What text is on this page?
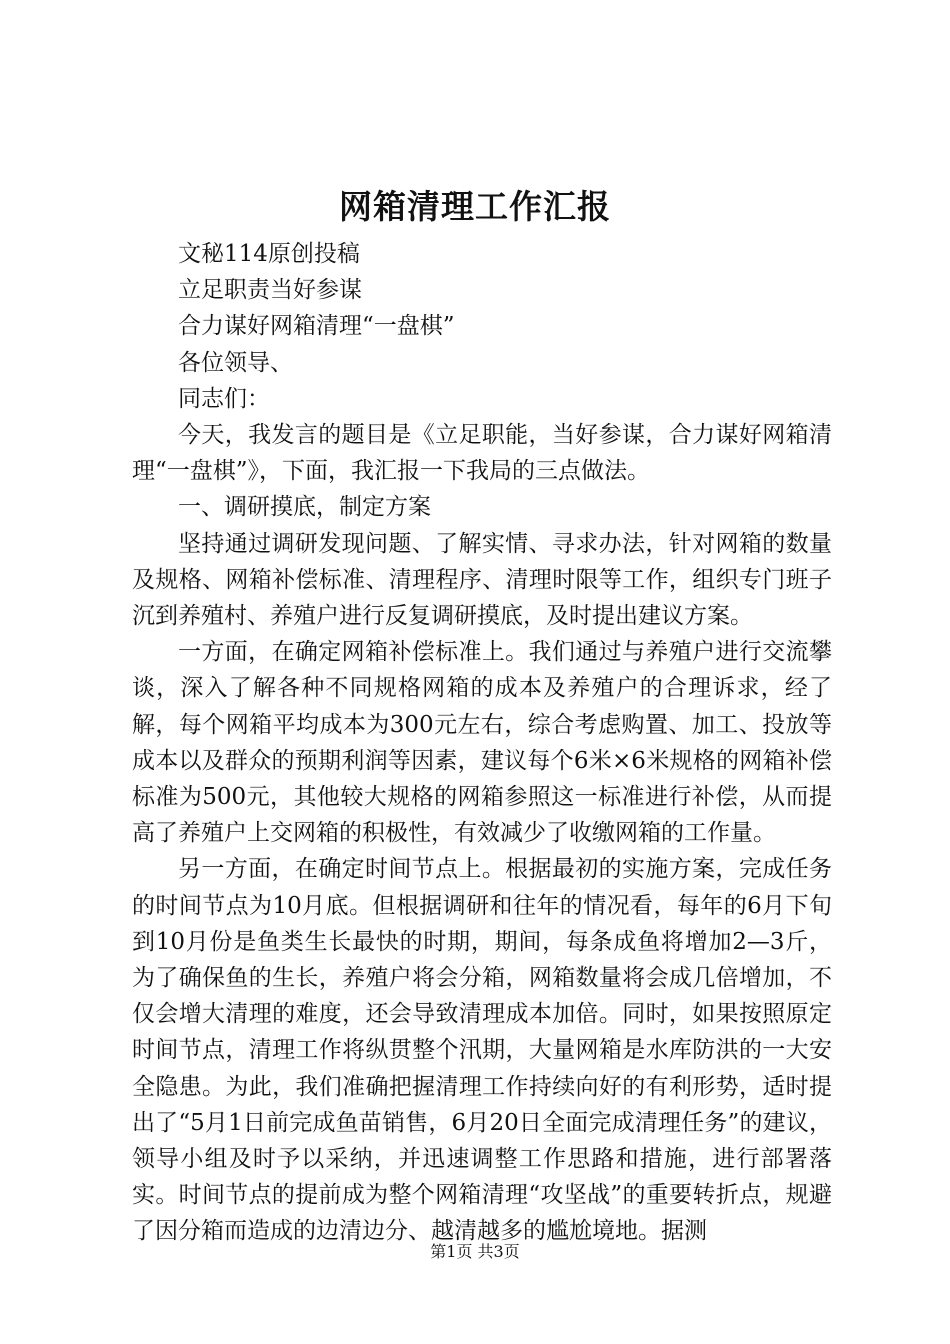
网箱清理工作汇报

文秘114原创投稿

立足职责当好参谋

合力谋好网箱清理“一盘棋”

各位领导、

同志们：

今天，我发言的题目是《立足职能，当好参谋，合力谋好网箱清理“一盘棋”》，下面，我汇报一下我局的三点做法。

一、调研摸底，制定方案

坚持通过调研发现问题、了解实情、寻求办法，针对网箱的数量及规格、网箱补偿标准、清理程序、清理时限等工作，组织专门班子沉到养殖村、养殖户进行反复调研摸底，及时提出建议方案。

一方面，在确定网箱补偿标准上。我们通过与养殖户进行交流攀谈，深入了解各种不同规格网箱的成本及养殖户的合理诉求，经了解，每个网箱平均成本为300元左右，综合考虑购置、加工、投放等成本以及群众的预期利润等因素，建议每个6米×6米规格的网箱补偿标准为500元，其他较大规格的网箱参照这一标准进行补偿，从而提高了养殖户上交网箱的积极性，有效减少了收缴网箱的工作量。

另一方面，在确定时间节点上。根据最初的实施方案，完成任务的时间节点为10月底。但根据调研和往年的情况看，每年的6月下旬到10月份是鱼类生长最快的时期，期间，每条成鱼将增加2—3斤，为了确保鱼的生长，养殖户将会分箱，网箱数量将会成几倍增加，不仅会增大清理的难度，还会导致清理成本加倍。同时，如果按照原定时间节点，清理工作将纵贯整个汛期，大量网箱是水库防洪的一大安全隐患。为此，我们准确把握清理工作持续向好的有利形势，适时提出了“5月1日前完成鱼苗销售，6月20日全面完成清理任务”的建议，领导小组及时予以采纳，并迅速调整工作思路和措施，进行部署落实。时间节点的提前成为整个网箱清理“攻坚战”的重要转折点，规避了因分箱而造成的边清边分、越清越多的尴尬境地。据测

第1页 共3页
